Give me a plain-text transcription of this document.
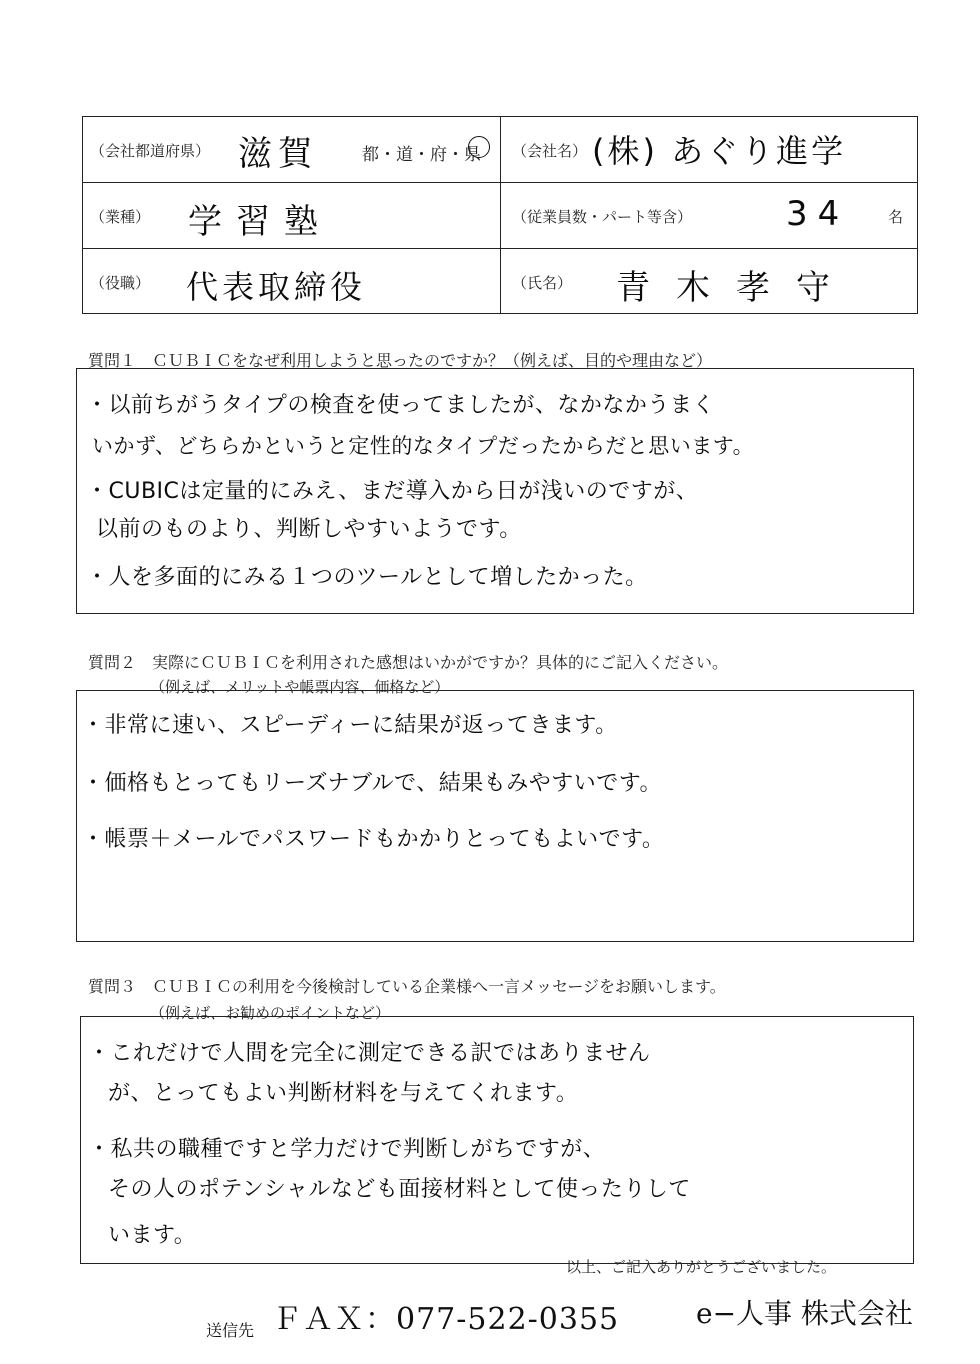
（会社都道府県） 滋賀	都・道・府・県 （会社名） (株) あぐり進学
（業種） 学習塾	（従業員数・パート等含）	34	名
（役職） 代表取締役	（氏名） 青木孝守
質問１　ＣＵＢＩＣをなぜ利用しようと思ったのですか？（例えば、目的や理由など）
・以前ちがうタイプの検査を使ってましたが、なかなかうまく
いかず、どちらかというと定性的なタイプだったからだと思います。
・CUBICは定量的にみえ、まだ導入から日が浅いのですが、
以前のものより、判断しやすいようです。
・人を多面的にみる１つのツールとして増したかった。
質問２　実際にＣＵＢＩＣを利用された感想はいかがですか？具体的にご記入ください。
（例えば、メリットや帳票内容、価格など）
・非常に速い、スピーディーに結果が返ってきます。
・価格もとってもリーズナブルで、結果もみやすいです。
・帳票＋メールでパスワードもかかりとってもよいです。
質問３　ＣＵＢＩＣの利用を今後検討している企業様へ一言メッセージをお願いします。
（例えば、お勧めのポイントなど）
・これだけで人間を完全に測定できる訳ではありません
が、とってもよい判断材料を与えてくれます。
・私共の職種ですと学力だけで判断しがちですが、
その人のポテンシャルなども面接材料として使ったりして
います。
以上、ご記入ありがとうございました。
送信先 ＦＡＸ：077-522-0355	e−人事 株式会社
